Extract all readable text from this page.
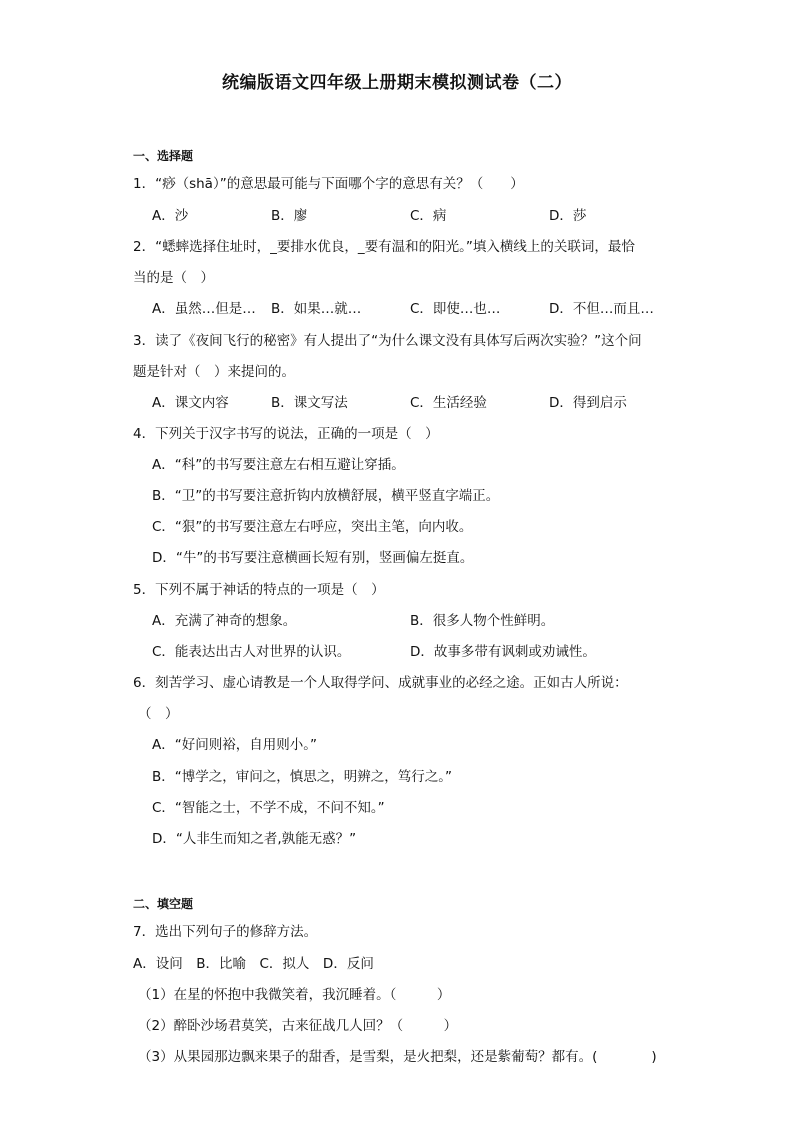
统编版语文四年级上册期末模拟测试卷（二）
一、选择题
1．“痧（shā）”的意思最可能与下面哪个字的意思有关？（　　）
A．沙	B．廖	C．病	D．莎
2．“蟋蟀选择住址时，_要排水优良，_要有温和的阳光。”填入横线上的关联词，最恰
当的是（　）
A．虽然…但是… B．如果…就…	C．即使…也…	D．不但…而且…
3．读了《夜间飞行的秘密》有人提出了“为什么课文没有具体写后两次实验？”这个问
题是针对（　）来提问的。
A．课文内容	B．课文写法	C．生活经验	D．得到启示
4．下列关于汉字书写的说法，正确的一项是（　）
A．“科”的书写要注意左右相互避让穿插。
B．“卫”的书写要注意折钩内放横舒展，横平竖直字端正。
C．“狠”的书写要注意左右呼应，突出主笔，向内收。
D．“牛”的书写要注意横画长短有别，竖画偏左挺直。
5．下列不属于神话的特点的一项是（　）
A．充满了神奇的想象。	B．很多人物个性鲜明。
C．能表达出古人对世界的认识。	D．故事多带有讽刺或劝诫性。
6．刻苦学习、虚心请教是一个人取得学问、成就事业的必经之途。正如古人所说：
（　）
A．“好问则裕，自用则小。”
B．“博学之，审问之，慎思之，明辨之，笃行之。”
C．“智能之士，不学不成，不问不知。”
D．“人非生而知之者,孰能无惑？”
二、填空题
7．选出下列句子的修辞方法。
A．设问　B．比喻　C．拟人　D．反问
（1）在星的怀抱中我微笑着，我沉睡着。（　　　）
（2）醉卧沙场君莫笑，古来征战几人回？（　　　）
（3）从果园那边飘来果子的甜香，是雪梨，是火把梨，还是紫葡萄？都有。(　　　　)
